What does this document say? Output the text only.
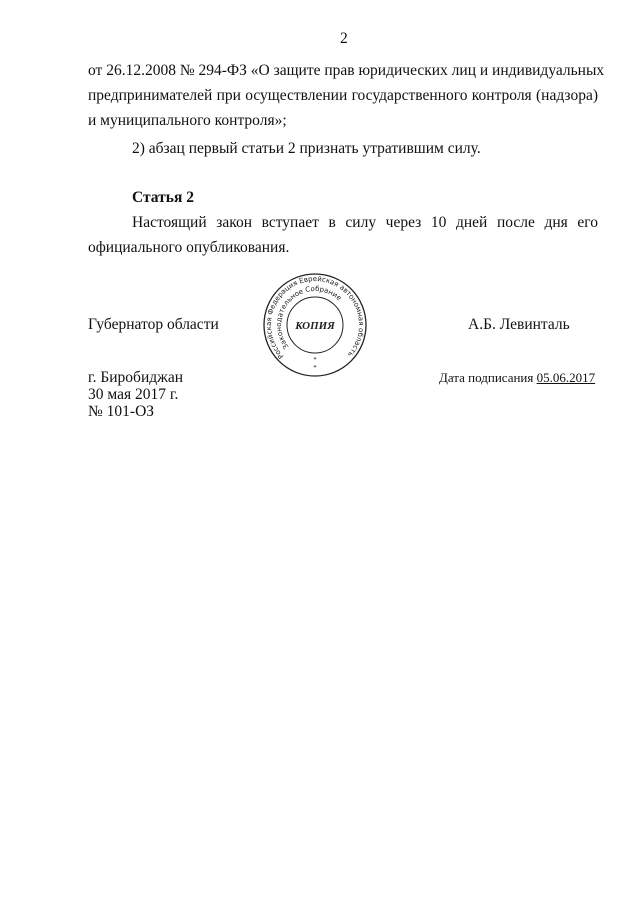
2
от 26.12.2008 № 294-ФЗ «О защите прав юридических лиц и индивидуальных
предпринимателей при осуществлении государственного контроля (надзора)
и муниципального контроля»;
2) абзац первый статьи 2 признать утратившим силу.
Статья 2
Настоящий закон вступает в силу через 10 дней после дня его
официального опубликования.
Губернатор области	А.Б. Левинталь
г. Биробиджан
30 мая 2017 г.
№ 101-ОЗ
Дата подписания 05.06.2017
Российская Федерация Еврейская автономная область
Законодательное Собрание
КОПИЯ
*
*
